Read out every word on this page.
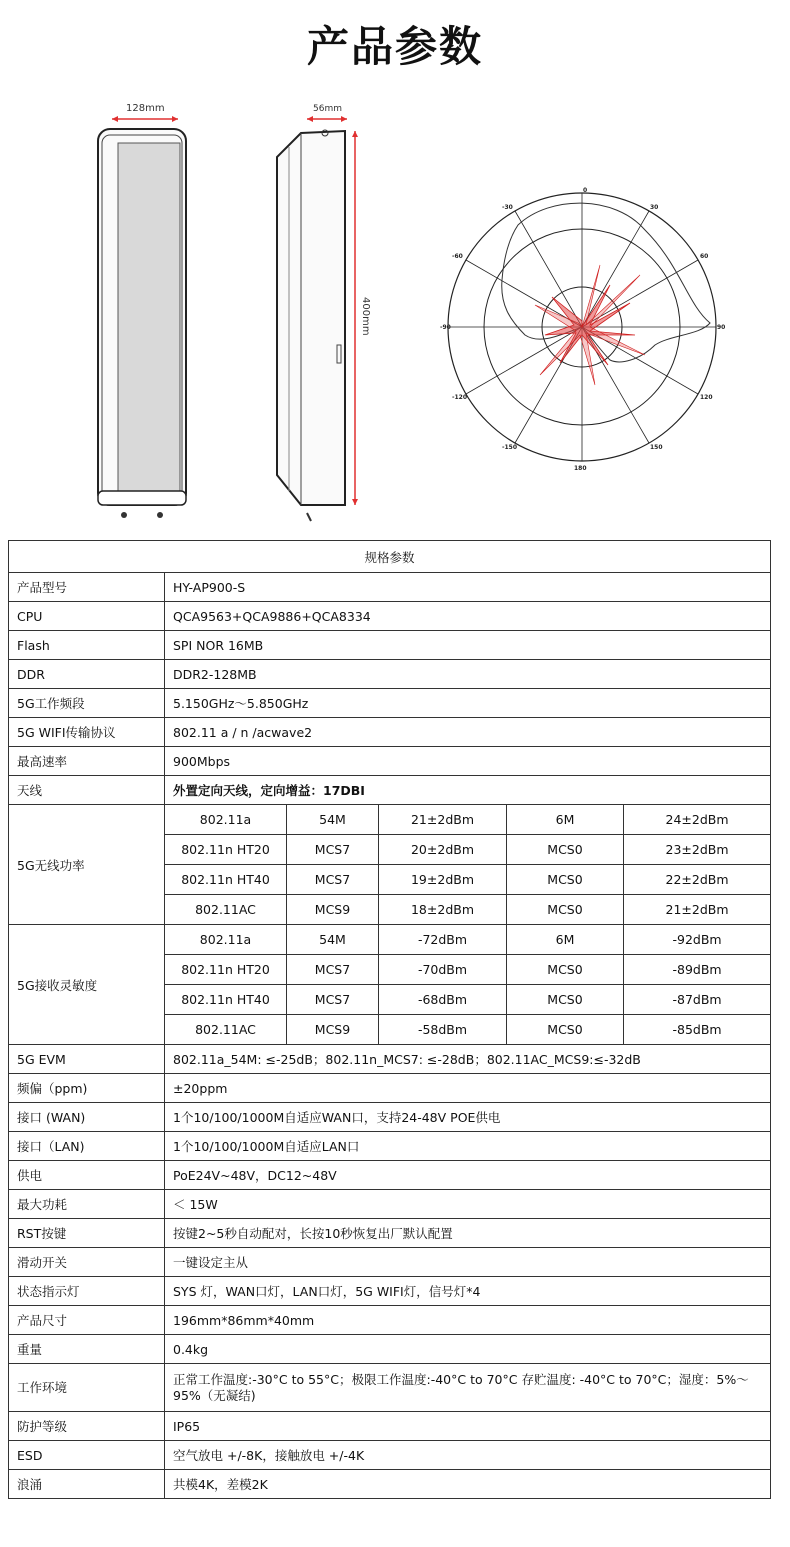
产品参数
128mm	56mm
400mm
0
30
60
90
120
150
180
-150
-120
-90
-60
-30
规格参数					
产品型号	HY-AP900-S				
CPU	QCA9563+QCA9886+QCA8334				
Flash	SPI NOR 16MB				
DDR	DDR2-128MB				
5G工作频段	5.150GHz～5.850GHz				
5G WIFI传输协议	802.11 a / n /acwave2				
最高速率	900Mbps				
天线	外置定向天线，定向增益：17DBI				
5G无线功率	802.11a	54M	21±2dBm	6M	24±2dBm
	802.11n HT20	MCS7	20±2dBm	MCS0	23±2dBm
	802.11n HT40	MCS7	19±2dBm	MCS0	22±2dBm
	802.11AC	MCS9	18±2dBm	MCS0	21±2dBm
5G接收灵敏度	802.11a	54M	-72dBm	6M	-92dBm
	802.11n HT20	MCS7	-70dBm	MCS0	-89dBm
	802.11n HT40	MCS7	-68dBm	MCS0	-87dBm
	802.11AC	MCS9	-58dBm	MCS0	-85dBm
5G EVM	802.11a_54M: ≤-25dB；802.11n_MCS7: ≤-28dB；802.11AC_MCS9:≤-32dB				
频偏（ppm)	±20ppm				
接口 (WAN)	1个10/100/1000M自适应WAN口，支持24-48V POE供电				
接口（LAN)	1个10/100/1000M自适应LAN口				
供电	PoE24V~48V，DC12~48V				
最大功耗	＜ 15W				
RST按键	按键2~5秒自动配对，长按10秒恢复出厂默认配置				
滑动开关	一键设定主从				
状态指示灯	SYS 灯，WAN口灯，LAN口灯，5G WIFI灯，信号灯*4				
产品尺寸	196mm*86mm*40mm				
重量	0.4kg				
工作环境	正常工作温度:-30°C to 55°C；极限工作温度:-40°C to 70°C 存贮温度: -40°C to 70°C；湿度：5%～95%（无凝结)				
防护等级	IP65				
ESD	空气放电 +/-8K，接触放电 +/-4K				
浪涌	共模4K，差模2K				
